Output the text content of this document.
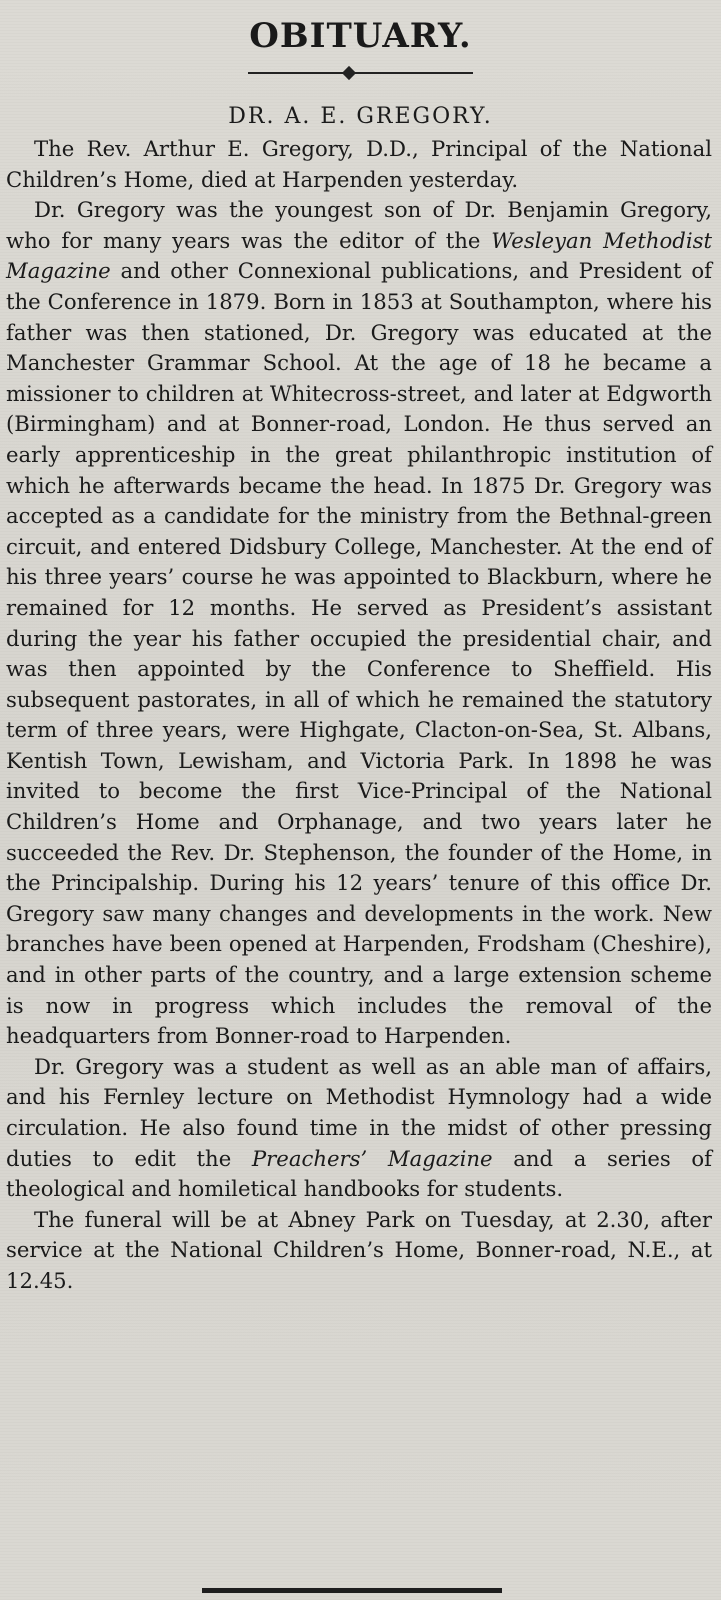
OBITUARY.
DR. A. E. GREGORY.

The Rev. Arthur E. Gregory, D.D., Principal of the National Children’s Home, died at Harpenden yesterday.

Dr. Gregory was the youngest son of Dr. Benjamin Gregory, who for many years was the editor of the Wesleyan Methodist Magazine and other Connexional publications, and President of the Conference in 1879. Born in 1853 at Southampton, where his father was then stationed, Dr. Gregory was educated at the Manchester Grammar School. At the age of 18 he became a missioner to children at Whitecross-street, and later at Edgworth (Birmingham) and at Bonner-road, London. He thus served an early apprenticeship in the great philanthropic institution of which he afterwards became the head. In 1875 Dr. Gregory was accepted as a candidate for the ministry from the Bethnal-green circuit, and entered Didsbury College, Manchester. At the end of his three years’ course he was appointed to Blackburn, where he remained for 12 months. He served as President’s assistant during the year his father occupied the presidential chair, and was then appointed by the Conference to Sheffield. His subsequent pastorates, in all of which he remained the statutory term of three years, were Highgate, Clacton-on-Sea, St. Albans, Kentish Town, Lewisham, and Victoria Park. In 1898 he was invited to become the first Vice-Principal of the National Children’s Home and Orphanage, and two years later he succeeded the Rev. Dr. Stephenson, the founder of the Home, in the Principalship. During his 12 years’ tenure of this office Dr. Gregory saw many changes and developments in the work. New branches have been opened at Harpenden, Frodsham (Cheshire), and in other parts of the country, and a large extension scheme is now in progress which includes the removal of the headquarters from Bonner-road to Harpenden.

Dr. Gregory was a student as well as an able man of affairs, and his Fernley lecture on Methodist Hymnology had a wide circulation. He also found time in the midst of other pressing duties to edit the Preachers’ Magazine and a series of theological and homiletical handbooks for students.

The funeral will be at Abney Park on Tuesday, at 2.30, after service at the National Children’s Home, Bonner-road, N.E., at 12.45.
